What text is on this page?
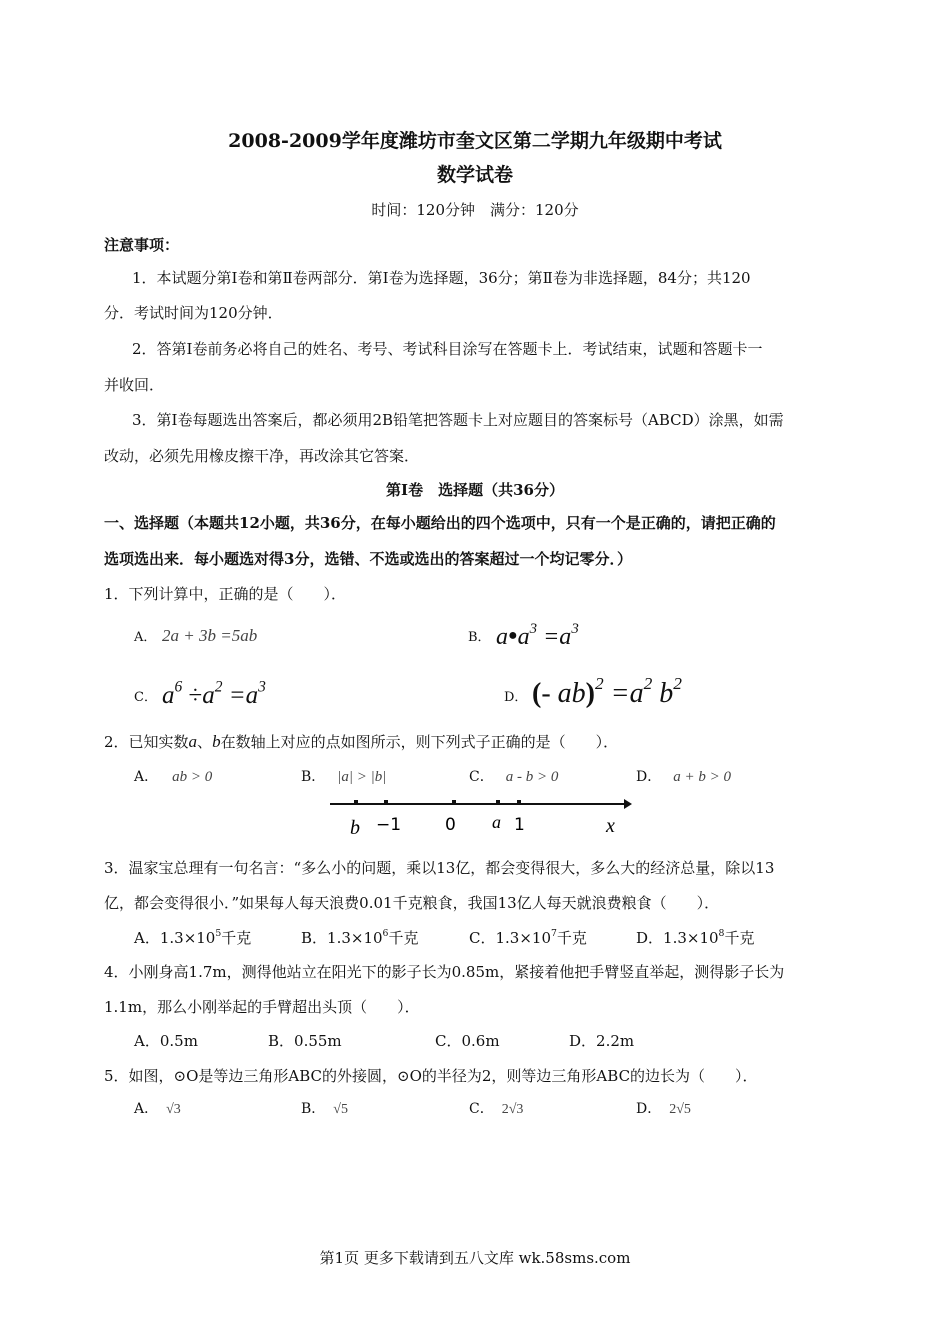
2008-2009学年度潍坊市奎文区第二学期九年级期中考试
数学试卷
时间：120分钟　满分：120分
注意事项：
1．本试题分第Ⅰ卷和第Ⅱ卷两部分．第Ⅰ卷为选择题，36分；第Ⅱ卷为非选择题，84分；共120
分．考试时间为120分钟．
2．答第Ⅰ卷前务必将自己的姓名、考号、考试科目涂写在答题卡上．考试结束，试题和答题卡一
并收回．
3．第Ⅰ卷每题选出答案后，都必须用2B铅笔把答题卡上对应题目的答案标号（ABCD）涂黑，如需
改动，必须先用橡皮擦干净，再改涂其它答案．
第Ⅰ卷　选择题（共36分）
一、选择题（本题共12小题，共36分，在每小题给出的四个选项中，只有一个是正确的，请把正确的
选项选出来．每小题选对得3分，选错、不选或选出的答案超过一个均记零分．）
1．下列计算中，正确的是（　　）．
A． 2a + 3b =5ab	B． $a●a^3 =a^3$
C． $a^6 \div a^2 =a^3$
D． (- $ab)^2 =a^2$ $b^2$
2．已知实数a、b在数轴上对应的点如图所示，则下列式子正确的是（　　）．
A． ab > 0	B． |a| > |b|	C． a - b > 0	D． a + b > 0
b −1	0 a 1	x
3．温家宝总理有一句名言：“多么小的问题，乘以13亿，都会变得很大，多么大的经济总量，除以13
亿，都会变得很小．”如果每人每天浪费0.01千克粮食，我国13亿人每天就浪费粮食（　　）．
A．$1.3\times 10^5$千克	B．$1.3\times 10^6$千克	C．$1.3\times 10^7$千克	D．$1.3\times 10^8$千克
4．小刚身高1.7m，测得他站立在阳光下的影子长为0.85m，紧接着他把手臂竖直举起，测得影子长为
1.1m，那么小刚举起的手臂超出头顶（　　）．
A．0.5m	B．0.55m	C．0.6m	D．2.2m
5．如图，⊙O是等边三角形ABC的外接圆，⊙O的半径为2，则等边三角形ABC的边长为（　　）．
A． √3	B． √5	C． 2√3	D． 2√5
第1页 更多下载请到五八文库 wk.58sms.com
